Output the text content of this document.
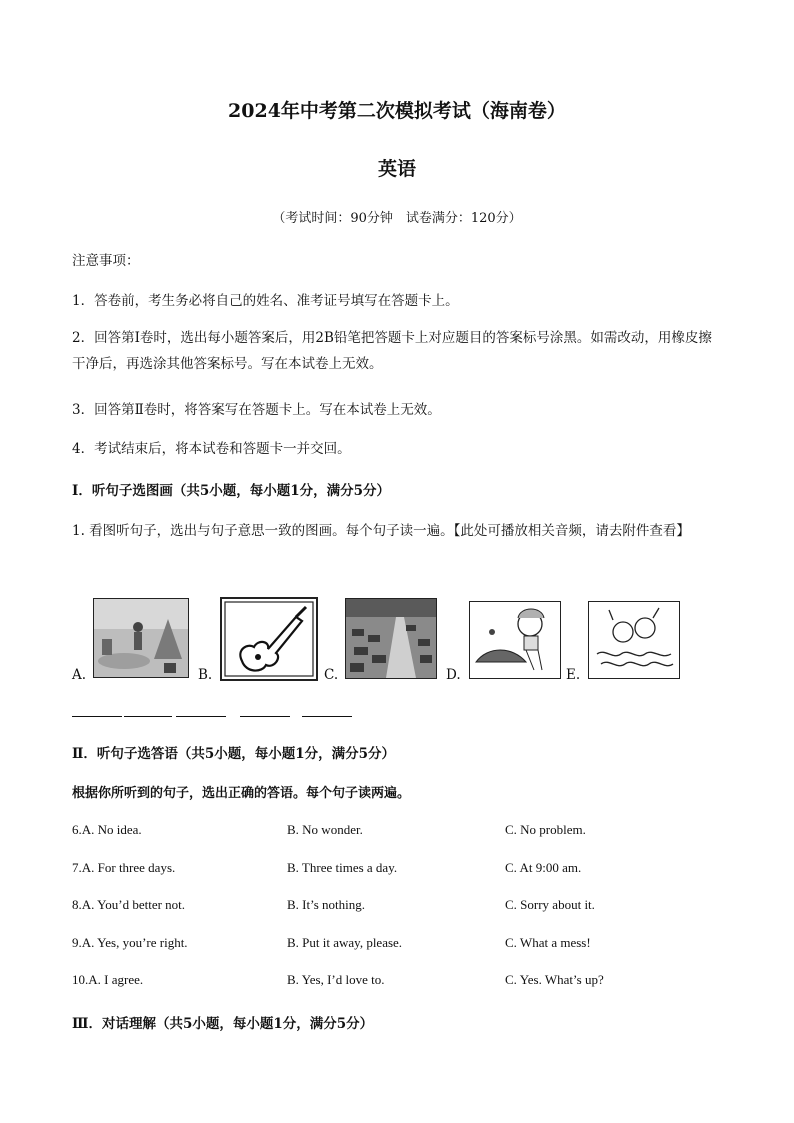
2024年中考第二次模拟考试（海南卷）
英语
（考试时间：90分钟　试卷满分：120分）
注意事项：
1．答卷前，考生务必将自己的姓名、准考证号填写在答题卡上。
2．回答第Ⅰ卷时，选出每小题答案后，用2B铅笔把答题卡上对应题目的答案标号涂黑。如需改动，用橡皮擦干净后，再选涂其他答案标号。写在本试卷上无效。
3．回答第Ⅱ卷时，将答案写在答题卡上。写在本试卷上无效。
4．考试结束后，将本试卷和答题卡一并交回。
Ⅰ．听句子选图画（共5小题，每小题1分，满分5分）
1. 看图听句子，选出与句子意思一致的图画。每个句子读一遍。【此处可播放相关音频，请去附件查看】
A.	B.	C.	D.	E.
Ⅱ．听句子选答语（共5小题，每小题1分，满分5分）
根据你所听到的句子，选出正确的答语。每个句子读两遍。
6.A. No idea.	B. No wonder.	C. No problem.
7.A. For three days.	B. Three times a day.	C. At 9:00 am.
8.A. You’d better not.	B. It’s nothing.	C. Sorry about it.
9.A. Yes, you’re right.	B. Put it away, please.	C. What a mess!
10.A. I agree.	B. Yes, I’d love to.	C. Yes. What’s up?
Ⅲ．对话理解（共5小题，每小题1分，满分5分）
